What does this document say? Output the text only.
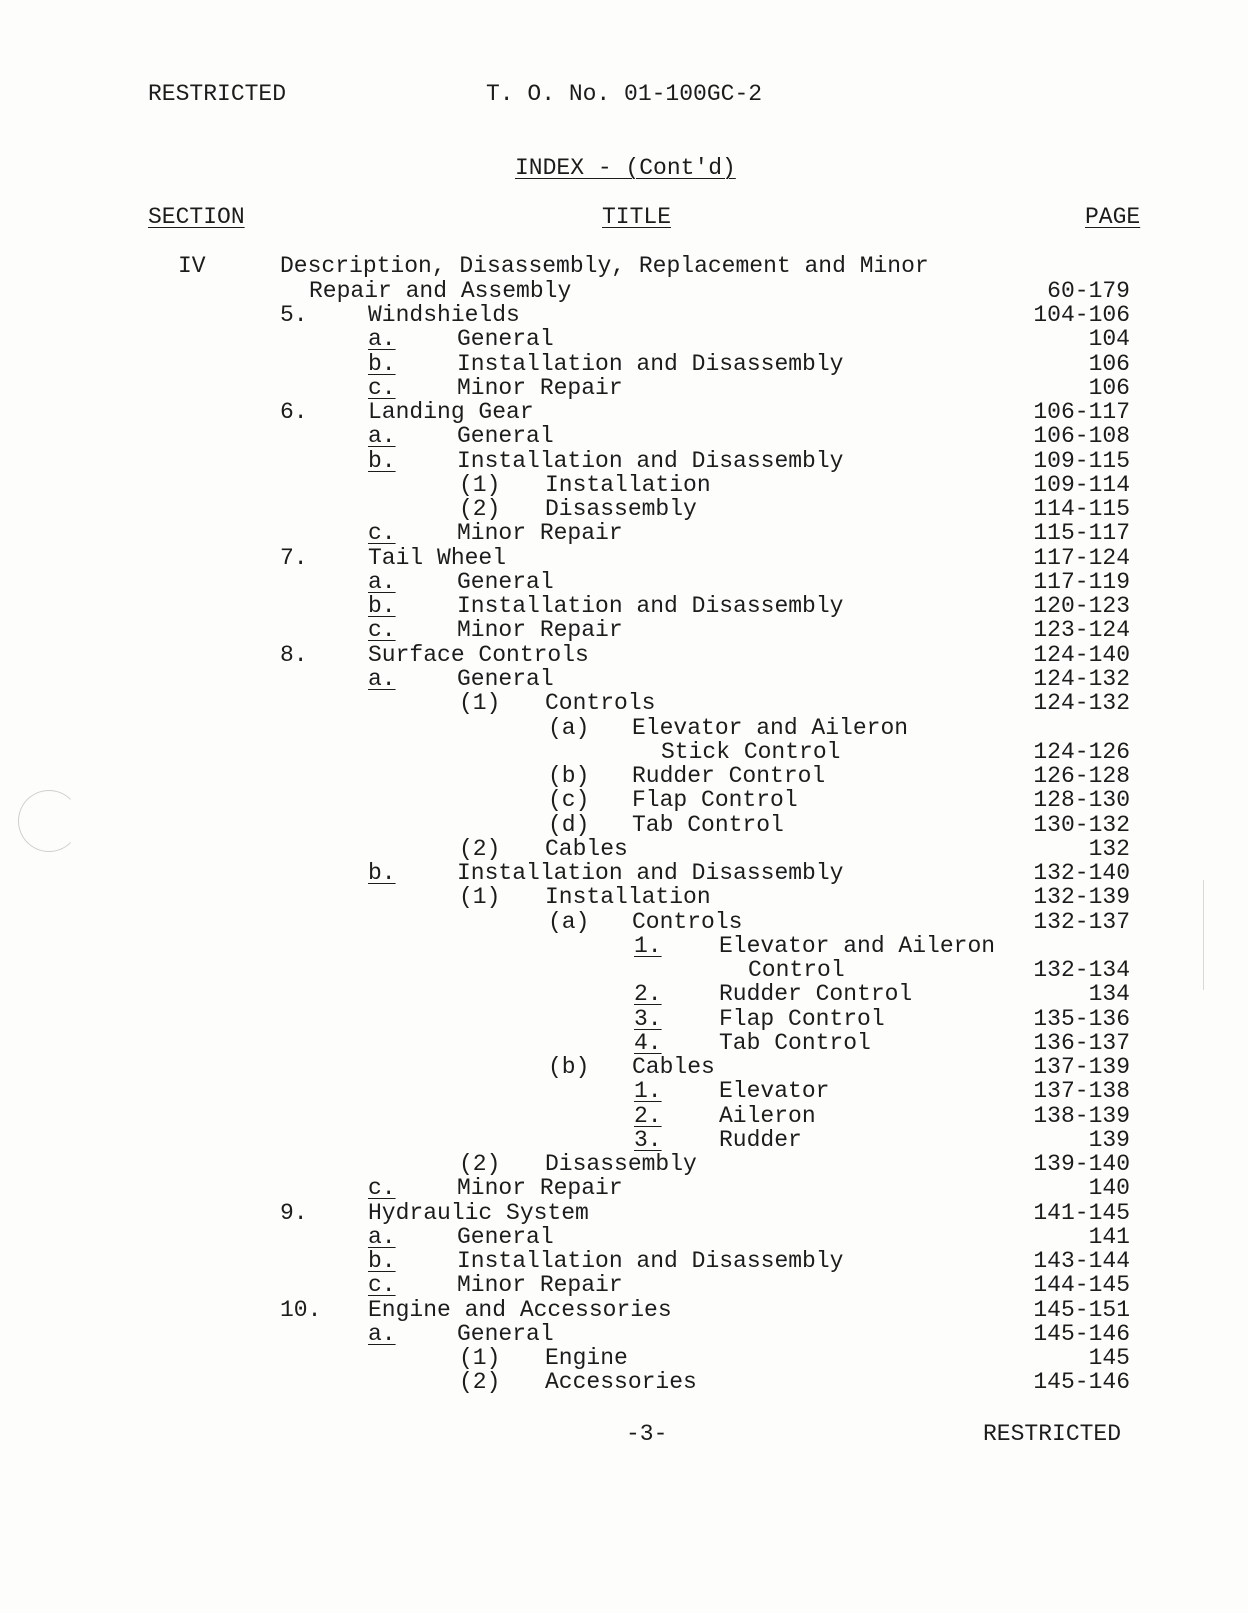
RESTRICTED	T. O. No. 01-100GC-2
INDEX - (Cont'd)
SECTION	TITLE	PAGE
IV	Description, Disassembly, Replacement and Minor
Repair and Assembly	60-179
5.	Windshields	104-106
a.	General	104
b.	Installation and Disassembly	106
c.	Minor Repair	106
6.	Landing Gear	106-117
a.	General	106-108
b.	Installation and Disassembly	109-115
(1) Installation	109-114
(2) Disassembly	114-115
c.	Minor Repair	115-117
7.	Tail Wheel	117-124
a.	General	117-119
b.	Installation and Disassembly	120-123
c.	Minor Repair	123-124
8.	Surface Controls	124-140
a.	General	124-132
(1) Controls	124-132
(a) Elevator and Aileron
Stick Control	124-126
(b) Rudder Control	126-128
(c) Flap Control	128-130
(d) Tab Control	130-132
(2) Cables	132
b.	Installation and Disassembly	132-140
(1) Installation	132-139
(a) Controls	132-137
1. Elevator and Aileron
Control	132-134
2. Rudder Control	134
3. Flap Control	135-136
4. Tab Control	136-137
(b) Cables	137-139
1. Elevator	137-138
2. Aileron	138-139
3. Rudder	139
(2) Disassembly	139-140
c.	Minor Repair	140
9.	Hydraulic System	141-145
a.	General	141
b.	Installation and Disassembly	143-144
c.	Minor Repair	144-145
10. Engine and Accessories	145-151
a.	General	145-146
(1) Engine	145
(2) Accessories	145-146
-3-	RESTRICTED
